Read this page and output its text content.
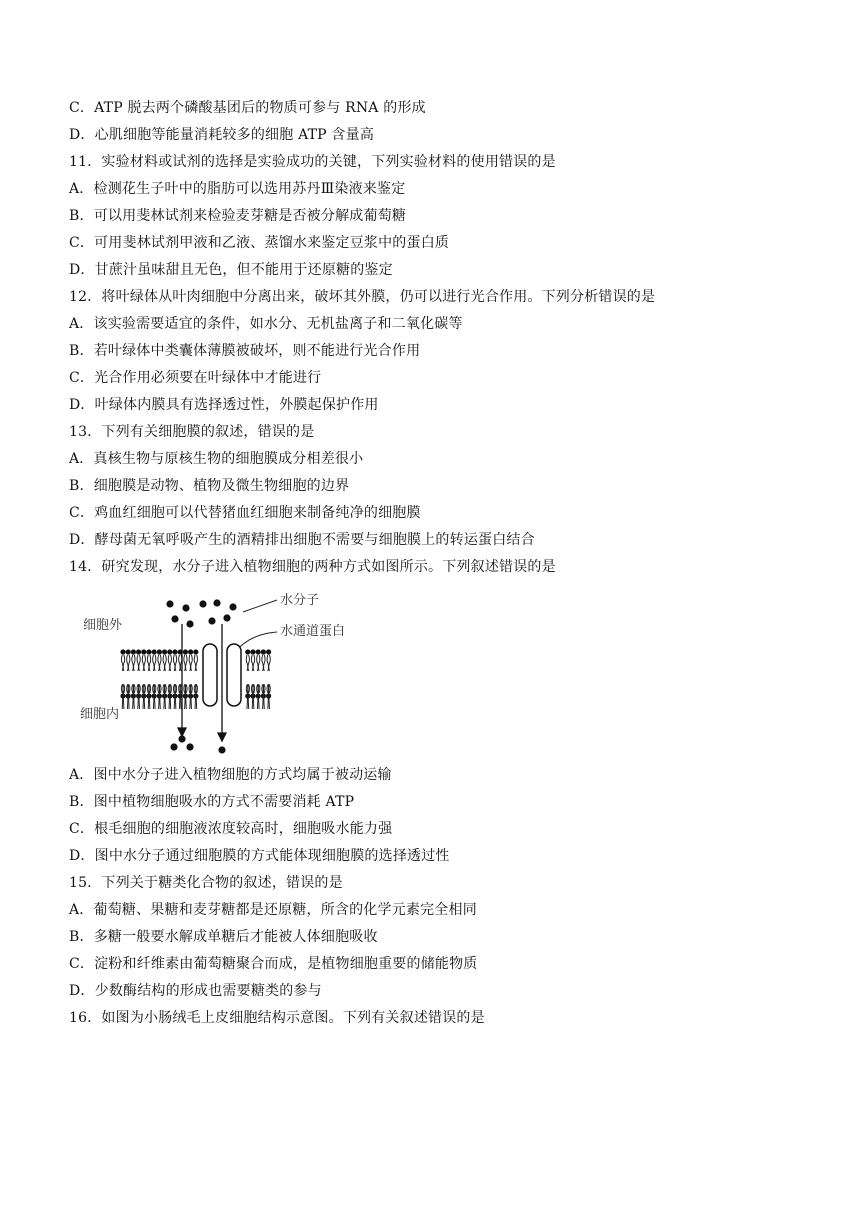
C．ATP 脱去两个磷酸基团后的物质可参与 RNA 的形成
D．心肌细胞等能量消耗较多的细胞 ATP 含量高
11．实验材料或试剂的选择是实验成功的关键，下列实验材料的使用错误的是
A．检测花生子叶中的脂肪可以选用苏丹Ⅲ染液来鉴定
B．可以用斐林试剂来检验麦芽糖是否被分解成葡萄糖
C．可用斐林试剂甲液和乙液、蒸馏水来鉴定豆浆中的蛋白质
D．甘蔗汁虽味甜且无色，但不能用于还原糖的鉴定
12．将叶绿体从叶肉细胞中分离出来，破坏其外膜，仍可以进行光合作用。下列分析错误的是
A．该实验需要适宜的条件，如水分、无机盐离子和二氧化碳等
B．若叶绿体中类囊体薄膜被破坏，则不能进行光合作用
C．光合作用必须要在叶绿体中才能进行
D．叶绿体内膜具有选择透过性，外膜起保护作用
13．下列有关细胞膜的叙述，错误的是
A．真核生物与原核生物的细胞膜成分相差很小
B．细胞膜是动物、植物及微生物细胞的边界
C．鸡血红细胞可以代替猪血红细胞来制备纯净的细胞膜
D．酵母菌无氧呼吸产生的酒精排出细胞不需要与细胞膜上的转运蛋白结合
14．研究发现，水分子进入植物细胞的两种方式如图所示。下列叙述错误的是
细胞外
细胞内
水分子
水通道蛋白
A．图中水分子进入植物细胞的方式均属于被动运输
B．图中植物细胞吸水的方式不需要消耗 ATP
C．根毛细胞的细胞液浓度较高时，细胞吸水能力强
D．图中水分子通过细胞膜的方式能体现细胞膜的选择透过性
15．下列关于糖类化合物的叙述，错误的是
A．葡萄糖、果糖和麦芽糖都是还原糖，所含的化学元素完全相同
B．多糖一般要水解成单糖后才能被人体细胞吸收
C．淀粉和纤维素由葡萄糖聚合而成，是植物细胞重要的储能物质
D．少数酶结构的形成也需要糖类的参与
16．如图为小肠绒毛上皮细胞结构示意图。下列有关叙述错误的是
